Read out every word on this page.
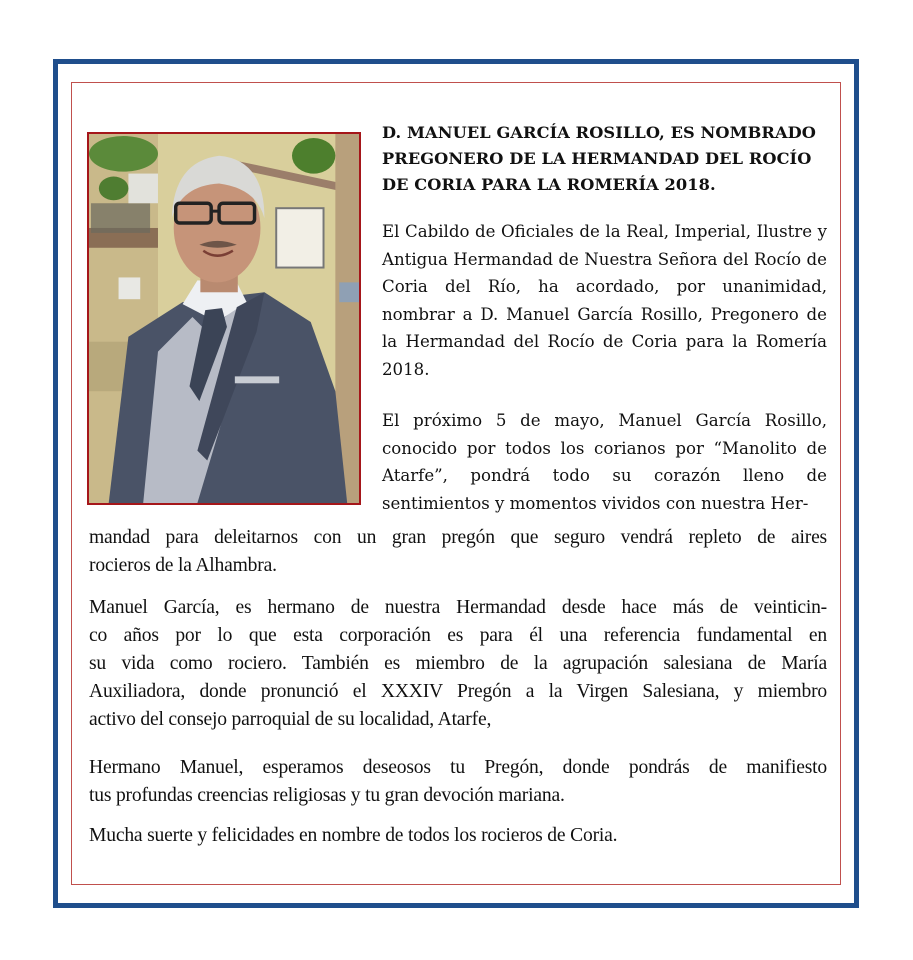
D. MANUEL GARCÍA ROSILLO, ES NOMBRADO PREGONERO DE LA HERMANDAD DEL ROCÍO DE CORIA PARA LA ROMERÍA 2018.

El Cabildo de Oficiales de la Real, Imperial, Ilustre y Antigua Hermandad de Nuestra Señora del Rocío de Coria del Río, ha acordado, por unanimidad, nombrar a D. Manuel García Rosillo, Pregonero de la Hermandad del Rocío de Coria para la Romería 2018.

El próximo 5 de mayo, Manuel García Rosillo, conocido por todos los corianos por “Manolito de Atarfe”, pondrá todo su corazón lleno de sentimientos y momentos vividos con nuestra Her-

mandad para deleitarnos con un gran pregón que seguro vendrá repleto de aires

rocieros de la Alhambra.

Manuel García, es hermano de nuestra Hermandad desde hace más de veinticin-

co años por lo que esta corporación es para él una referencia fundamental en

su vida como rociero. También es miembro de la agrupación salesiana de María

Auxiliadora, donde pronunció el XXXIV Pregón a la Virgen Salesiana, y miembro

activo del consejo parroquial de su localidad, Atarfe,

Hermano Manuel, esperamos deseosos tu Pregón, donde pondrás de manifiesto

tus profundas creencias religiosas y tu gran devoción mariana.

Mucha suerte y felicidades en nombre de todos los rocieros de Coria.
